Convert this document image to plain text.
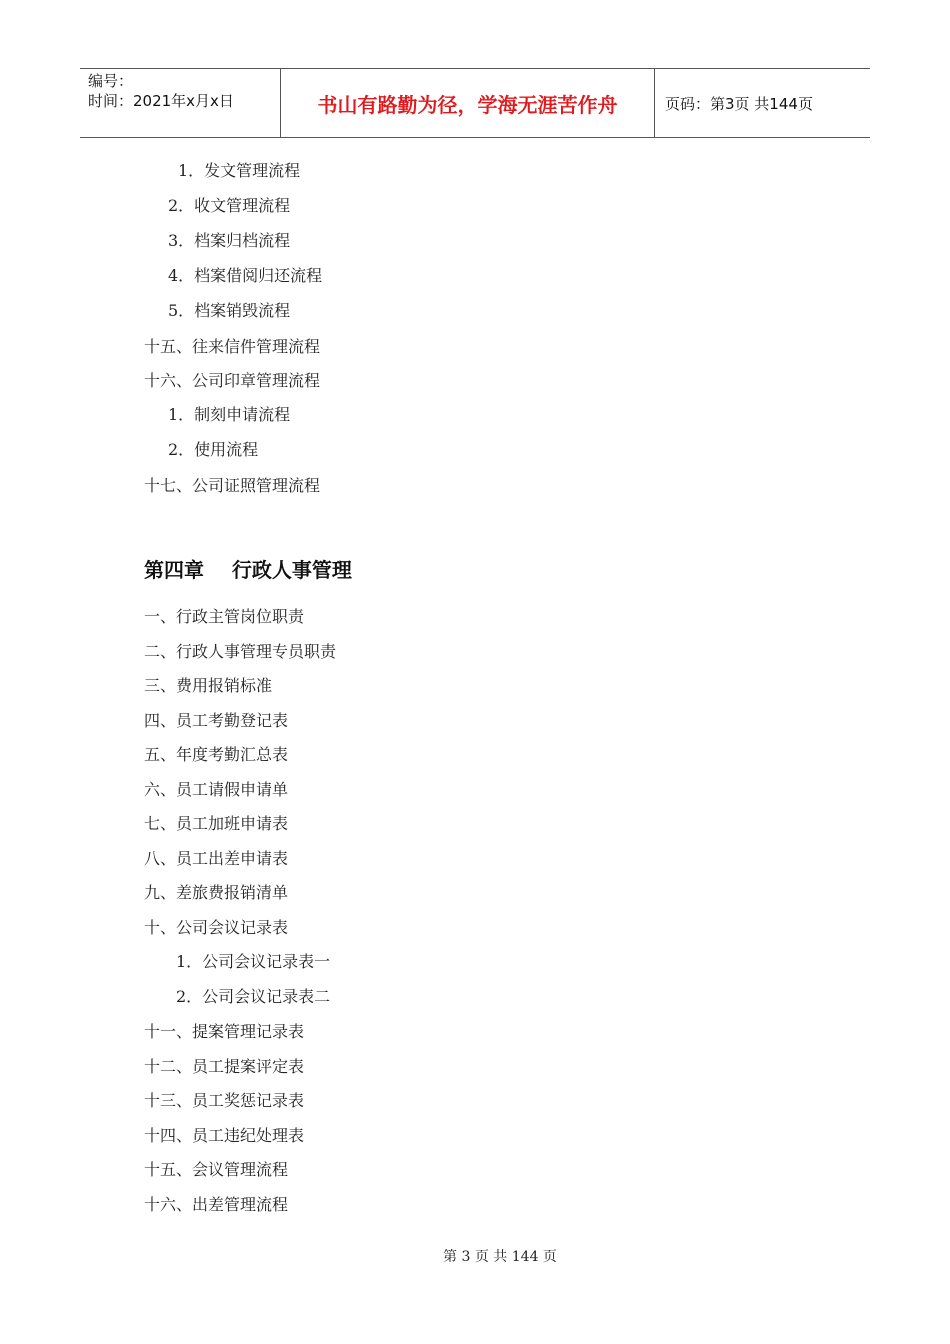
编号：
时间：2021年x月x日	书山有路勤为径，学海无涯苦作舟	页码：第3页 共144页
1．发文管理流程
2．收文管理流程
3．档案归档流程
4．档案借阅归还流程
5．档案销毁流程
十五、往来信件管理流程
十六、公司印章管理流程
1．制刻申请流程
2．使用流程
十七、公司证照管理流程
第四章    行政人事管理
一、行政主管岗位职责
二、行政人事管理专员职责
三、费用报销标准
四、员工考勤登记表
五、年度考勤汇总表
六、员工请假申请单
七、员工加班申请表
八、员工出差申请表
九、差旅费报销清单
十、公司会议记录表
1．公司会议记录表一
2．公司会议记录表二
十一、提案管理记录表
十二、员工提案评定表
十三、员工奖惩记录表
十四、员工违纪处理表
十五、会议管理流程
十六、出差管理流程
第 3 页 共 144 页
